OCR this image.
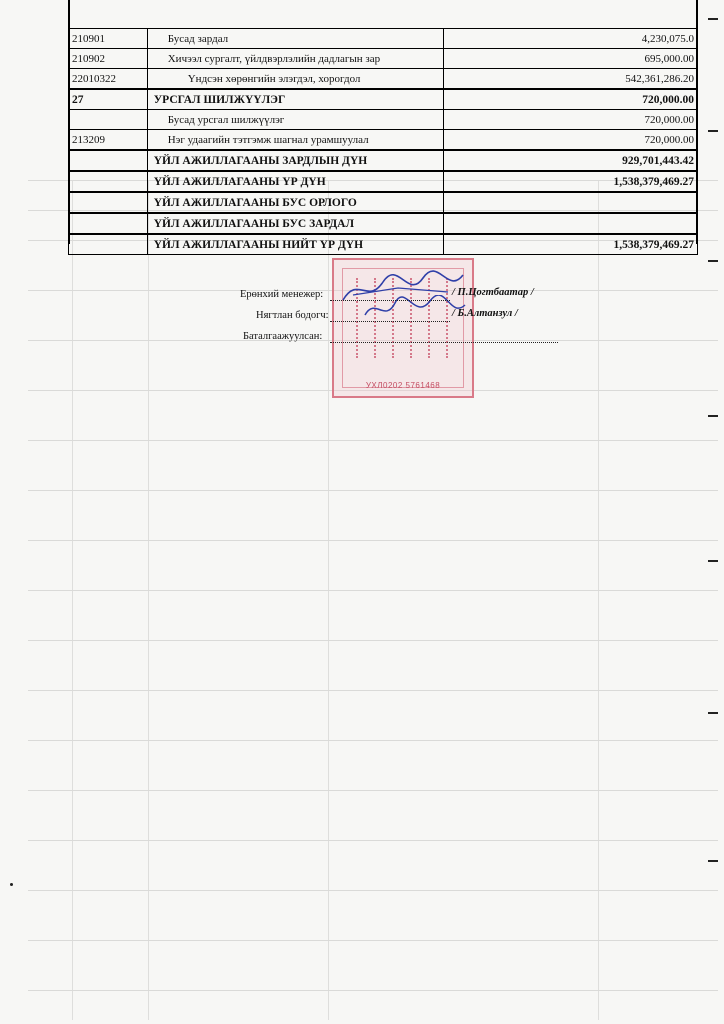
210901	Бусад зардал	4,230,075.0
210902	Хичээл сургалт, үйлдвэрлэлийн дадлагын зар	695,000.00
22010322	Үндсэн хөрөнгийн элэгдэл, хорогдол	542,361,286.20
27	УРСГАЛ ШИЛЖҮҮЛЭГ	720,000.00
	Бусад урсгал шилжүүлэг	720,000.00
213209	Нэг удаагийн тэтгэмж шагнал урамшуулал	720,000.00
	ҮЙЛ АЖИЛЛАГААНЫ ЗАРДЛЫН ДҮН	929,701,443.42
	ҮЙЛ АЖИЛЛАГААНЫ ҮР ДҮН	1,538,379,469.27
	ҮЙЛ АЖИЛЛАГААНЫ БУС ОРЛОГО	
	ҮЙЛ АЖИЛЛАГААНЫ БУС ЗАРДАЛ	
	ҮЙЛ АЖИЛЛАГААНЫ НИЙТ ҮР ДҮН	1,538,379,469.27
УХЛ0202 5761468
Ерөнхий менежер:	/ П.Цогтбаатар /
Нягтлан бодогч:	/ Б.Алтанзул /
Баталгаажуулсан:
